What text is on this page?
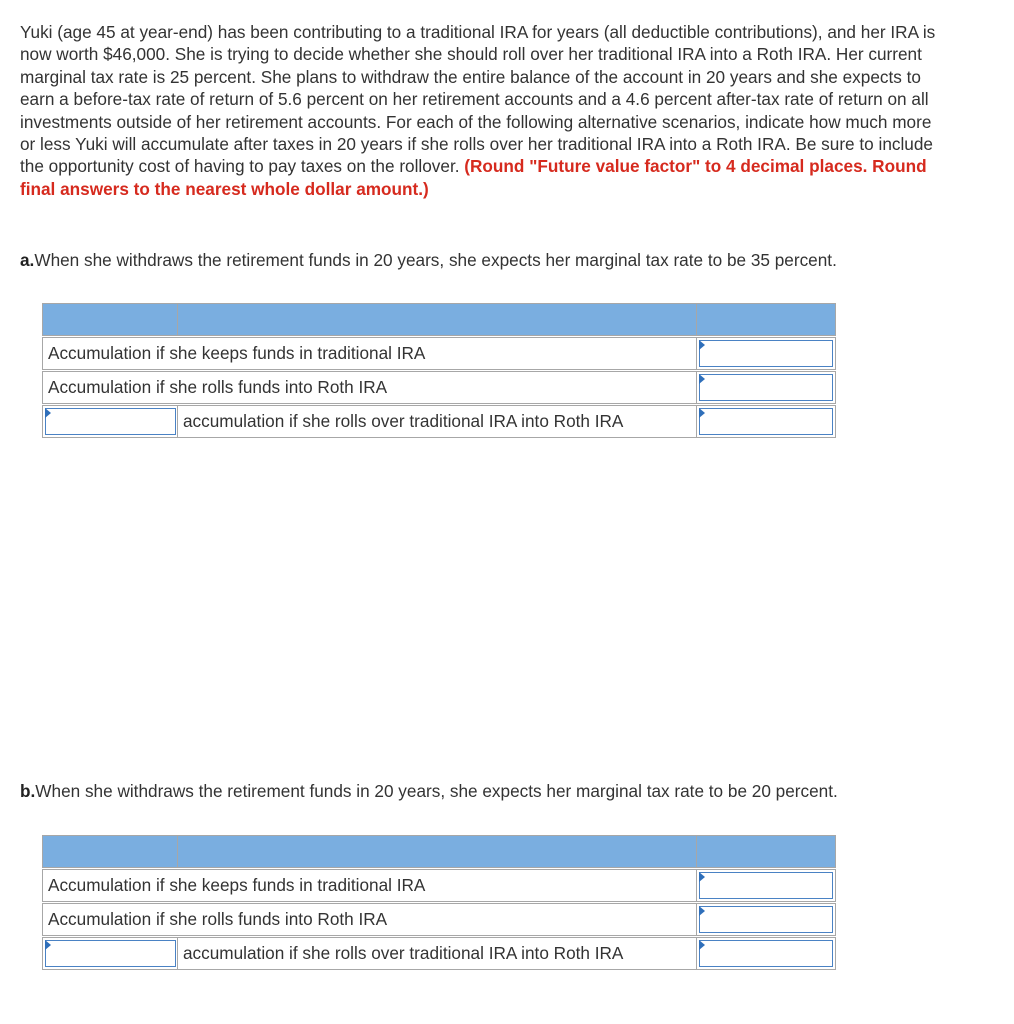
Yuki (age 45 at year-end) has been contributing to a traditional IRA for years (all deductible contributions), and her IRA is now worth $46,000. She is trying to decide whether she should roll over her traditional IRA into a Roth IRA. Her current marginal tax rate is 25 percent. She plans to withdraw the entire balance of the account in 20 years and she expects to earn a before-tax rate of return of 5.6 percent on her retirement accounts and a 4.6 percent after-tax rate of return on all investments outside of her retirement accounts. For each of the following alternative scenarios, indicate how much more or less Yuki will accumulate after taxes in 20 years if she rolls over her traditional IRA into a Roth IRA. Be sure to include the opportunity cost of having to pay taxes on the rollover. (Round "Future value factor" to 4 decimal places. Round final answers to the nearest whole dollar amount.)
a.When she withdraws the retirement funds in 20 years, she expects her marginal tax rate to be 35 percent.
Accumulation if she keeps funds in traditional IRA
Accumulation if she rolls funds into Roth IRA
accumulation if she rolls over traditional IRA into Roth IRA
b.When she withdraws the retirement funds in 20 years, she expects her marginal tax rate to be 20 percent.
Accumulation if she keeps funds in traditional IRA
Accumulation if she rolls funds into Roth IRA
accumulation if she rolls over traditional IRA into Roth IRA
